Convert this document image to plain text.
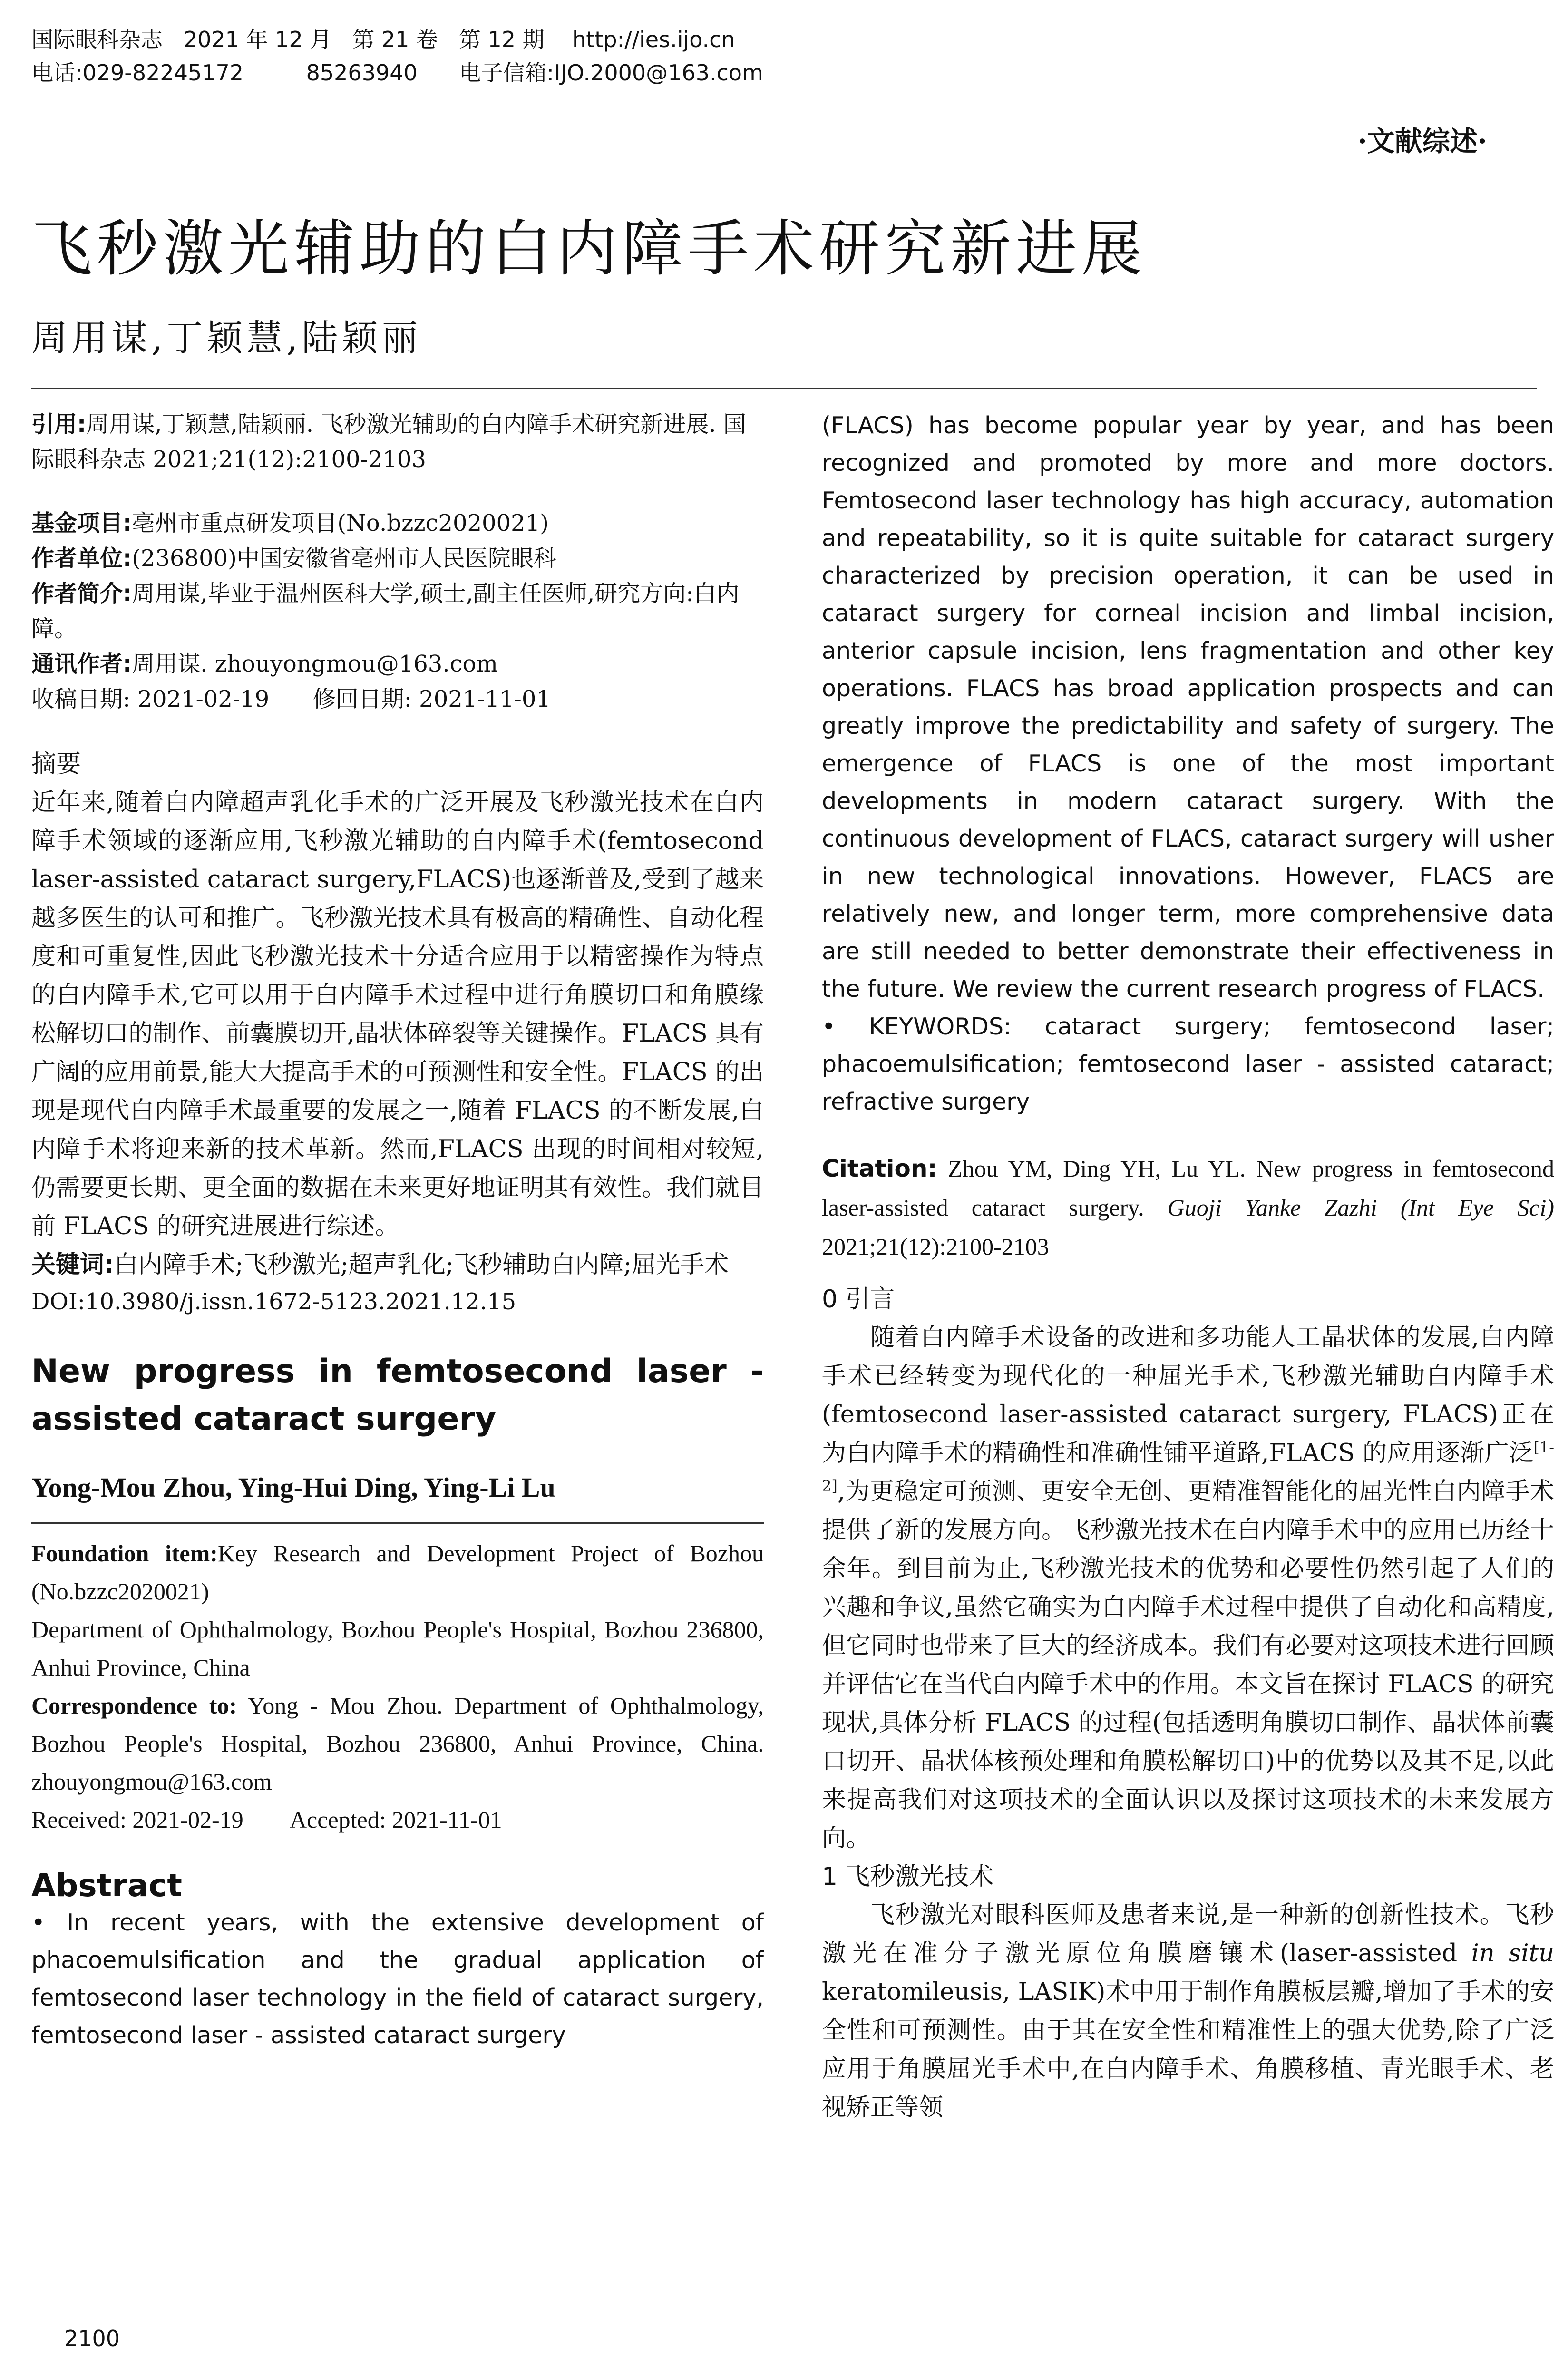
国际眼科杂志   2021 年 12 月   第 21 卷   第 12 期    http://ies.ijo.cn
电话:029-82245172         85263940      电子信箱:IJO.2000@163.com
·文献综述·
飞秒激光辅助的白内障手术研究新进展
周用谋,丁颖慧,陆颖丽
引用:周用谋,丁颖慧,陆颖丽. 飞秒激光辅助的白内障手术研究新进展. 国际眼科杂志 2021;21(12):2100-2103
基金项目:亳州市重点研发项目(No.bzzc2020021)
作者单位:(236800)中国安徽省亳州市人民医院眼科
作者简介:周用谋,毕业于温州医科大学,硕士,副主任医师,研究方向:白内障。
通讯作者:周用谋. zhouyongmou@163.com
收稿日期: 2021-02-19      修回日期: 2021-11-01
摘要
近年来,随着白内障超声乳化手术的广泛开展及飞秒激光技术在白内障手术领域的逐渐应用,飞秒激光辅助的白内障手术(femtosecond laser-assisted cataract surgery,FLACS)也逐渐普及,受到了越来越多医生的认可和推广。飞秒激光技术具有极高的精确性、自动化程度和可重复性,因此飞秒激光技术十分适合应用于以精密操作为特点的白内障手术,它可以用于白内障手术过程中进行角膜切口和角膜缘松解切口的制作、前囊膜切开,晶状体碎裂等关键操作。FLACS 具有广阔的应用前景,能大大提高手术的可预测性和安全性。FLACS 的出现是现代白内障手术最重要的发展之一,随着 FLACS 的不断发展,白内障手术将迎来新的技术革新。然而,FLACS 出现的时间相对较短,仍需要更长期、更全面的数据在未来更好地证明其有效性。我们就目前 FLACS 的研究进展进行综述。
关键词:白内障手术;飞秒激光;超声乳化;飞秒辅助白内障;屈光手术
DOI:10.3980/j.issn.1672-5123.2021.12.15
New progress in femtosecond laser - assisted cataract surgery
Yong-Mou Zhou, Ying-Hui Ding, Ying-Li Lu
Foundation item:Key Research and Development Project of Bozhou (No.bzzc2020021)
Department of Ophthalmology, Bozhou People's Hospital, Bozhou 236800, Anhui Province, China
Correspondence to: Yong - Mou Zhou. Department of Ophthalmology, Bozhou People's Hospital, Bozhou 236800, Anhui Province, China. zhouyongmou@163.com
Received: 2021-02-19        Accepted: 2021-11-01
Abstract
• In recent years, with the extensive development of phacoemulsification and the gradual application of femtosecond laser technology in the field of cataract surgery, femtosecond laser - assisted cataract surgery
(FLACS) has become popular year by year, and has been recognized and promoted by more and more doctors. Femtosecond laser technology has high accuracy, automation and repeatability, so it is quite suitable for cataract surgery characterized by precision operation, it can be used in cataract surgery for corneal incision and limbal incision, anterior capsule incision, lens fragmentation and other key operations. FLACS has broad application prospects and can greatly improve the predictability and safety of surgery. The emergence of FLACS is one of the most important developments in modern cataract surgery. With the continuous development of FLACS, cataract surgery will usher in new technological innovations. However, FLACS are relatively new, and longer term, more comprehensive data are still needed to better demonstrate their effectiveness in the future. We review the current research progress of FLACS.
• KEYWORDS: cataract surgery; femtosecond laser; phacoemulsification; femtosecond laser - assisted cataract; refractive surgery
Citation: Zhou YM, Ding YH, Lu YL. New progress in femtosecond laser-assisted cataract surgery. Guoji Yanke Zazhi (Int Eye Sci) 2021;21(12):2100-2103
0 引言
随着白内障手术设备的改进和多功能人工晶状体的发展,白内障手术已经转变为现代化的一种屈光手术,飞秒激光辅助白内障手术(femtosecond laser-assisted cataract surgery, FLACS)正在为白内障手术的精确性和准确性铺平道路,FLACS 的应用逐渐广泛[1-2],为更稳定可预测、更安全无创、更精准智能化的屈光性白内障手术提供了新的发展方向。飞秒激光技术在白内障手术中的应用已历经十余年。到目前为止,飞秒激光技术的优势和必要性仍然引起了人们的兴趣和争议,虽然它确实为白内障手术过程中提供了自动化和高精度,但它同时也带来了巨大的经济成本。我们有必要对这项技术进行回顾并评估它在当代白内障手术中的作用。本文旨在探讨 FLACS 的研究现状,具体分析 FLACS 的过程(包括透明角膜切口制作、晶状体前囊口切开、晶状体核预处理和角膜松解切口)中的优势以及其不足,以此来提高我们对这项技术的全面认识以及探讨这项技术的未来发展方向。
1 飞秒激光技术
飞秒激光对眼科医师及患者来说,是一种新的创新性技术。飞秒激光在准分子激光原位角膜磨镶术(laser-assisted in situ keratomileusis, LASIK)术中用于制作角膜板层瓣,增加了手术的安全性和可预测性。由于其在安全性和精准性上的强大优势,除了广泛应用于角膜屈光手术中,在白内障手术、角膜移植、青光眼手术、老视矫正等领
2100
